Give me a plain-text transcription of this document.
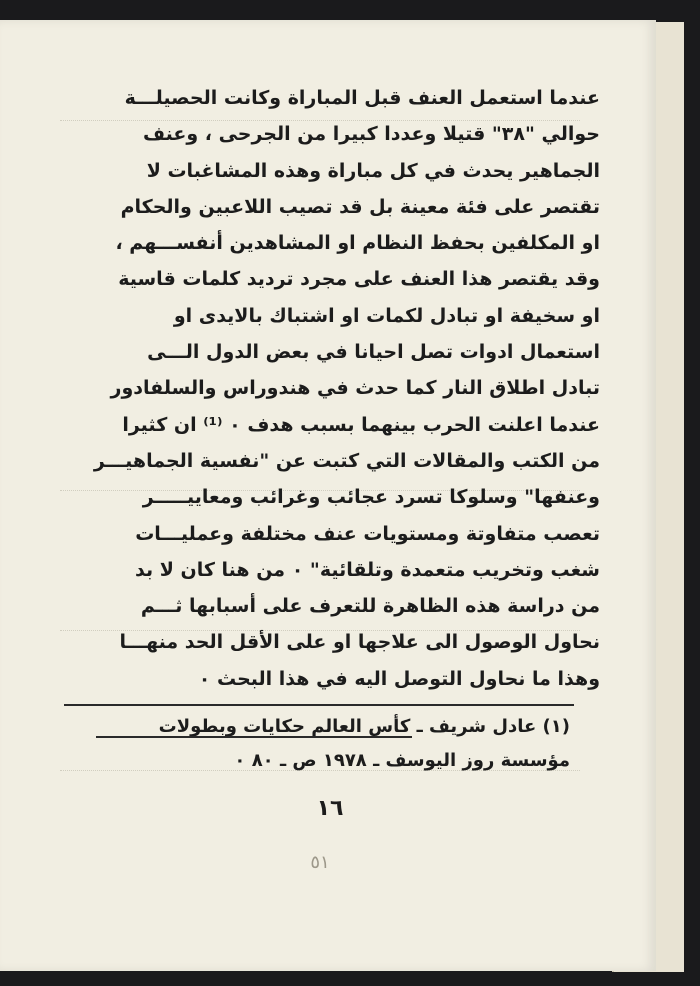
عندما استعمل العنف قبل المباراة وكانت الحصيلـــة
حوالي "٣٨" قتيلا وعددا كبيرا من الجرحى ، وعنف
الجماهير يحدث في كل مباراة وهذه المشاغبات لا
تقتصر على فئة معينة بل قد تصيب اللاعبين والحكام
او المكلفين بحفظ النظام او المشاهدين أنفســـهم ،
وقد يقتصر هذا العنف على مجرد ترديد كلمات قاسية
او سخيفة او تبادل لكمات او اشتباك بالايدى او
استعمال ادوات تصل احيانا في بعض الدول الـــى
تبادل اطلاق النار كما حدث في هندوراس والسلفادور
عندما اعلنت الحرب بينهما بسبب هدف ٠ ⁽¹⁾ ان كثيرا
من الكتب والمقالات التي كتبت عن "نفسية الجماهيـــر
وعنفها" وسلوكا تسرد عجائب وغرائب ومعاييـــــر
تعصب متفاوتة ومستويات عنف مختلفة وعمليـــات
شغب وتخريب متعمدة وتلقائية" ٠ من هنا كان لا بد
من دراسة هذه الظاهرة للتعرف على أسبابها ثـــم
نحاول الوصول الى علاجها او على الأقل الحد منهـــا
وهذا ما نحاول التوصل اليه في هذا البحث ٠
(١) عادل شريف ـ كأس العالم حكايات وبطولات
مؤسسة روز اليوسف ـ ١٩٧٨ ص ـ ٨٠ ٠
١٦
٥١
